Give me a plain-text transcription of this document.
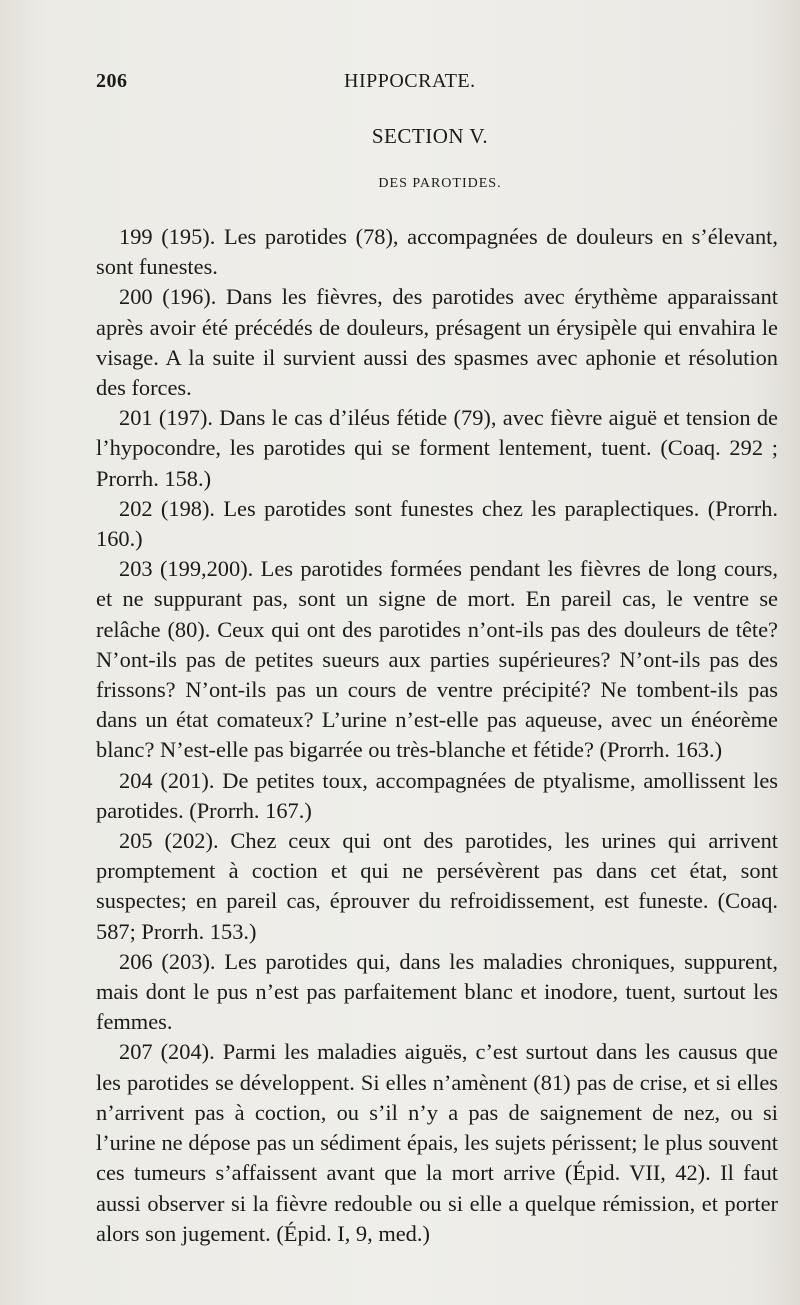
206	HIPPOCRATE.
SECTION V.
DES PAROTIDES.

199 (195). Les parotides (78), accompagnées de douleurs en s’élevant, sont funestes.

200 (196). Dans les fièvres, des parotides avec érythème apparaissant après avoir été précédés de douleurs, présagent un érysipèle qui envahira le visage. A la suite il survient aussi des spasmes avec aphonie et résolution des forces.

201 (197). Dans le cas d’iléus fétide (79), avec fièvre aiguë et tension de l’hypocondre, les parotides qui se forment lentement, tuent. (Coaq. 292 ; Prorrh. 158.)

202 (198). Les parotides sont funestes chez les paraplectiques. (Prorrh. 160.)

203 (199,200). Les parotides formées pendant les fièvres de long cours, et ne suppurant pas, sont un signe de mort. En pareil cas, le ventre se relâche (80). Ceux qui ont des parotides n’ont-ils pas des douleurs de tête? N’ont-ils pas de petites sueurs aux parties supérieures? N’ont-ils pas des frissons? N’ont-ils pas un cours de ventre précipité? Ne tombent-ils pas dans un état comateux? L’urine n’est-elle pas aqueuse, avec un énéorème blanc? N’est-elle pas bigarrée ou très-blanche et fétide? (Prorrh. 163.)

204 (201). De petites toux, accompagnées de ptyalisme, amollissent les parotides. (Prorrh. 167.)

205 (202). Chez ceux qui ont des parotides, les urines qui arrivent promptement à coction et qui ne persévèrent pas dans cet état, sont suspectes; en pareil cas, éprouver du refroidissement, est funeste. (Coaq. 587; Prorrh. 153.)

206 (203). Les parotides qui, dans les maladies chroniques, suppurent, mais dont le pus n’est pas parfaitement blanc et inodore, tuent, surtout les femmes.

207 (204). Parmi les maladies aiguës, c’est surtout dans les causus que les parotides se développent. Si elles n’amènent (81) pas de crise, et si elles n’arrivent pas à coction, ou s’il n’y a pas de saignement de nez, ou si l’urine ne dépose pas un sédiment épais, les sujets périssent; le plus souvent ces tumeurs s’affaissent avant que la mort arrive (Épid. VII, 42). Il faut aussi observer si la fièvre redouble ou si elle a quelque rémission, et porter alors son jugement. (Épid. I, 9, med.)
